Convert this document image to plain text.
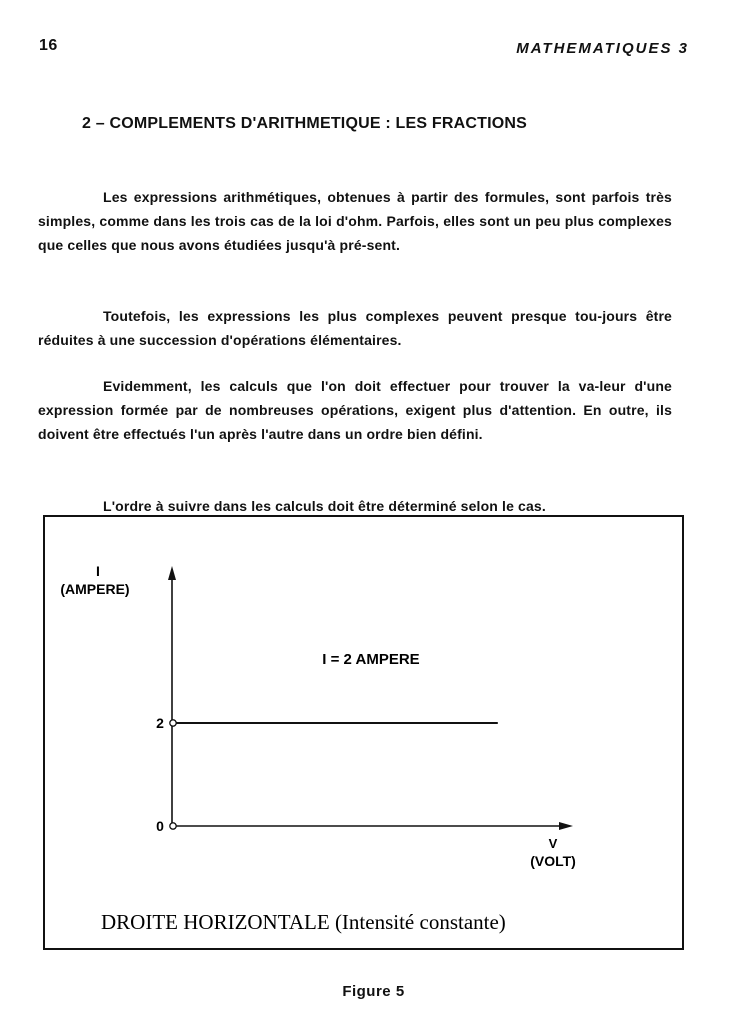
16	MATHEMATIQUES 3
2 – COMPLEMENTS D'ARITHMETIQUE : LES FRACTIONS

Les expressions arithmétiques, obtenues à partir des formules, sont parfois très simples, comme dans les trois cas de la loi d'ohm. Parfois, elles sont un peu plus complexes que celles que nous avons étudiées jusqu'à pré-sent.

Toutefois, les expressions les plus complexes peuvent presque tou-jours être réduites à une succession d'opérations élémentaires.

Evidemment, les calculs que l'on doit effectuer pour trouver la va-leur d'une expression formée par de nombreuses opérations, exigent plus d'attention. En outre, ils doivent être effectués l'un après l'autre dans un ordre bien défini.

L'ordre à suivre dans les calculs doit être déterminé selon le cas.

I
(AMPERE)
V
(VOLT)
0
2
I = 2 AMPERE
DROITE HORIZONTALE (Intensité constante)
Figure 5
